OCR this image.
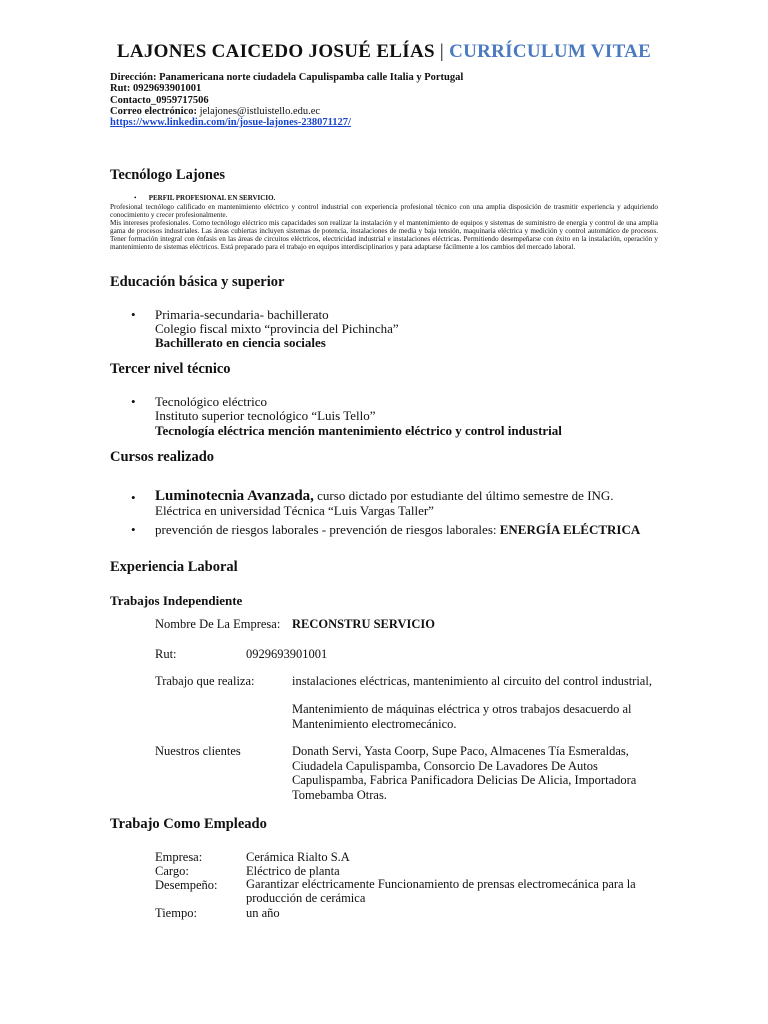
LAJONES CAICEDO JOSUÉ ELÍAS | CURRÍCULUM VITAE
Dirección: Panamericana norte ciudadela Capulispamba calle Italia y Portugal
Rut: 0929693901001
Contacto_0959717506
Correo electrónico: jelajones@istluistello.edu.ec
https://www.linkedin.com/in/josue-lajones-238071127/
Tecnólogo Lajones
•       PERFIL PROFESIONAL EN SERVICIO.
Profesional tecnólogo calificado en mantenimiento eléctrico y control industrial con experiencia profesional técnico con una amplia disposición de trasmitir experiencia y adquiriendo conocimiento y crecer profesionalmente.
Mis intereses profesionales. Como tecnólogo eléctrico mis capacidades son realizar la instalación y el mantenimiento de equipos y sistemas de suministro de energía y control de una amplia gama de procesos industriales. Las áreas cubiertas incluyen sistemas de potencia, instalaciones de media y baja tensión, maquinaria eléctrica y medición y control automático de procesos. Tener formación integral con énfasis en las áreas de circuitos eléctricos, electricidad industrial e instalaciones eléctricas. Permitiendo desempeñarse con éxito en la instalación, operación y mantenimiento de sistemas eléctricos. Está preparado para el trabajo en equipos interdisciplinarios y para adaptarse fácilmente a los cambios del mercado laboral.
Educación básica y superior
• Primaria-secundaria- bachillerato
Colegio fiscal mixto “provincia del Pichincha”
Bachillerato en ciencia sociales
Tercer nivel técnico
• Tecnológico eléctrico
Instituto superior tecnológico “Luis Tello”
Tecnología eléctrica mención mantenimiento eléctrico y control industrial
Cursos realizado
• Luminotecnia Avanzada, curso dictado por estudiante del último semestre de ING.
Eléctrica en universidad Técnica “Luis Vargas Taller”
• prevención de riesgos laborales - prevención de riesgos laborales: ENERGÍA ELÉCTRICA
Experiencia Laboral
Trabajos Independiente
Nombre De La Empresa: RECONSTRU SERVICIO
Rut:	0929693901001
Trabajo que realiza:	instalaciones eléctricas, mantenimiento al circuito del control industrial,
Mantenimiento de máquinas eléctrica y otros trabajos desacuerdo al Mantenimiento electromecánico.
Nuestros clientes	Donath Servi, Yasta Coorp, Supe Paco, Almacenes Tía Esmeraldas, Ciudadela Capulispamba, Consorcio De Lavadores De Autos Capulispamba, Fabrica Panificadora Delicias De Alicia, Importadora Tomebamba Otras.
Trabajo Como Empleado
Empresa:	Cerámica Rialto S.A
Cargo:	Eléctrico de planta
Desempeño: Garantizar eléctricamente Funcionamiento de prensas electromecánica para la producción de cerámica
Tiempo:	un año
